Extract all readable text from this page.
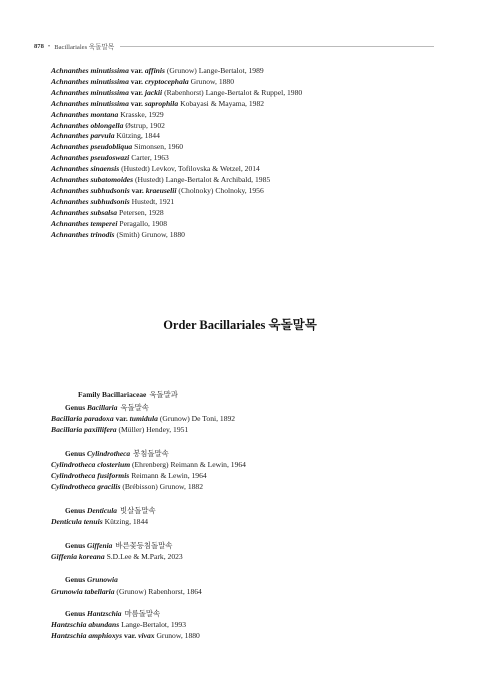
878 • Bacillariales 욱돌말목
Achnanthes minutissima var. affinis (Grunow) Lange-Bertalot, 1989
Achnanthes minutissima var. cryptocephala Grunow, 1880
Achnanthes minutissima var. jackii (Rabenhorst) Lange-Bertalot & Ruppel, 1980
Achnanthes minutissima var. saprophila Kobayasi & Mayama, 1982
Achnanthes montana Krasske, 1929
Achnanthes oblongella Østrup, 1902
Achnanthes parvula Kützing, 1844
Achnanthes pseudobliqua Simonsen, 1960
Achnanthes pseudoswazi Carter, 1963
Achnanthes sinaensis (Hustedt) Levkov, Tofilovska & Wetzel, 2014
Achnanthes subatomoides (Hustedt) Lange-Bertalot & Archibald, 1985
Achnanthes subhudsonis var. kraeuselii (Cholnoky) Cholnoky, 1956
Achnanthes subhudsonis Hustedt, 1921
Achnanthes subsalsa Petersen, 1928
Achnanthes temperei Peragallo, 1908
Achnanthes trinodis (Smith) Grunow, 1880
Order Bacillariales 욱돌말목
Family Bacillariaceae 욱돌말과
Genus Bacillaria 욱돌말속
Bacillaria paradoxa var. tumidula (Grunow) De Toni, 1892
Bacillaria paxillifera (Müller) Hendey, 1951
Genus Cylindrotheca 봉침돌말속
Cylindrotheca closterium (Ehrenberg) Reimann & Lewin, 1964
Cylindrotheca fusiformis Reimann & Lewin, 1964
Cylindrotheca gracilis (Brébisson) Grunow, 1882
Genus Denticula 빗살돌말속
Denticula tenuis Kützing, 1844
Genus Giffenia 바른꽃등침돌말속
Giffenia koreana S.D.Lee & M.Park, 2023
Genus Grunowia
Grunowia tabellaria (Grunow) Rabenhorst, 1864
Genus Hantzschia 마름돌말속
Hantzschia abundans Lange-Bertalot, 1993
Hantzschia amphioxys var. vivax Grunow, 1880
